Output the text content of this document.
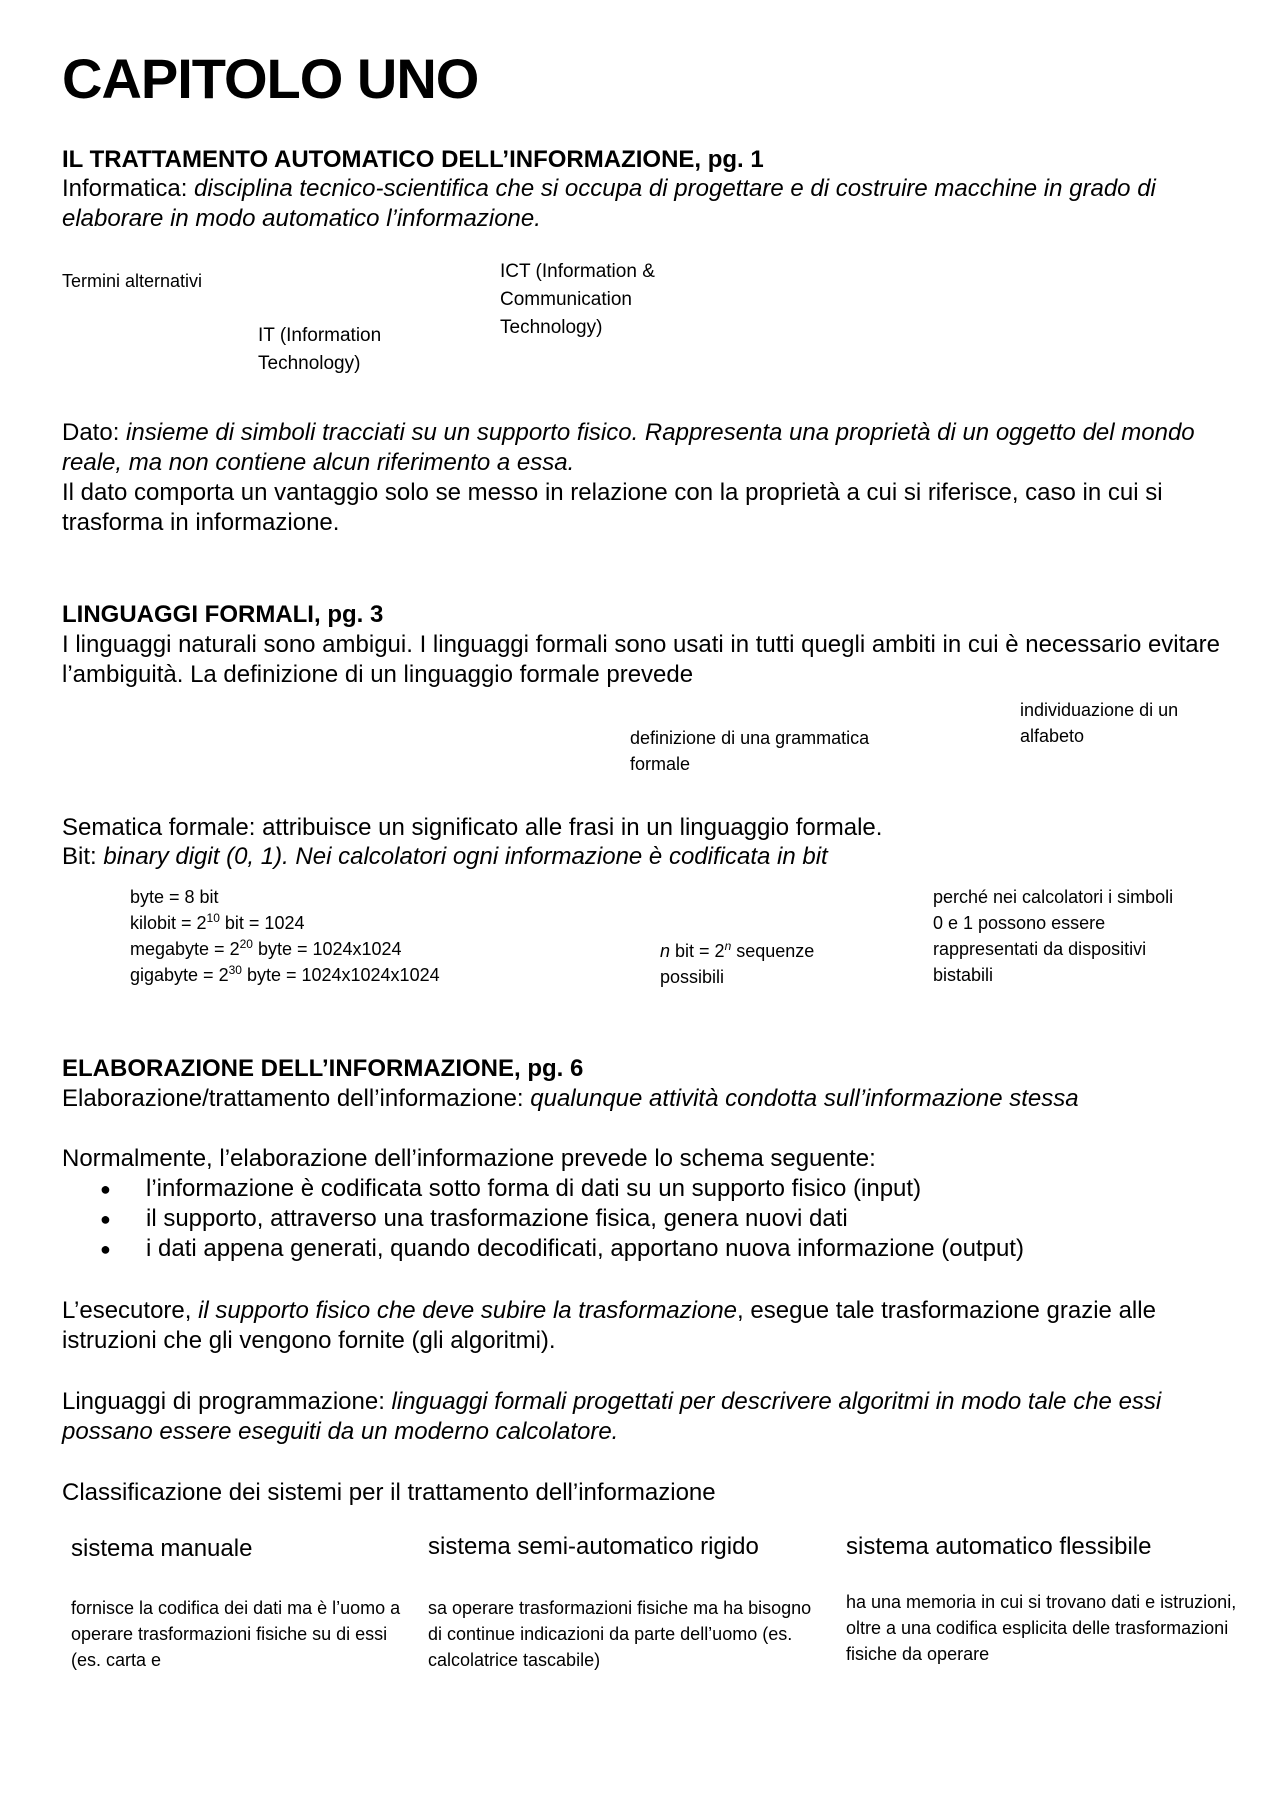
CAPITOLO UNO
IL TRATTAMENTO AUTOMATICO DELL’INFORMAZIONE, pg. 1

Informatica: disciplina tecnico-scientifica che si occupa di progettare e di costruire macchine in grado di elaborare in modo automatico l’informazione.

Termini alternativi
IT (Information Technology)
ICT (Information & Communication Technology)

Dato: insieme di simboli tracciati su un supporto fisico. Rappresenta una proprietà di un oggetto del mondo reale, ma non contiene alcun riferimento a essa.

Il dato comporta un vantaggio solo se messo in relazione con la proprietà a cui si riferisce, caso in cui si trasforma in informazione.

LINGUAGGI FORMALI, pg. 3

I linguaggi naturali sono ambigui. I linguaggi formali sono usati in tutti quegli ambiti in cui è necessario evitare l’ambiguità. La definizione di un linguaggio formale prevede

definizione di una grammatica formale
individuazione di un alfabeto

Sematica formale: attribuisce un significato alle frasi in un linguaggio formale.

Bit: binary digit (0, 1). Nei calcolatori ogni informazione è codificata in bit

byte = 8 bit
kilobit = $2^{10}$ bit = 1024
megabyte = $2^{20}$ byte = 1024x1024
gigabyte = $2^{30}$ byte = 1024x1024x1024
n bit = $2^n$ sequenze possibili
perché nei calcolatori i simboli 0 e 1 possono essere rappresentati da dispositivi bistabili
ELABORAZIONE DELL’INFORMAZIONE, pg. 6

Elaborazione/trattamento dell’informazione: qualunque attività condotta sull’informazione stessa

Normalmente, l’elaborazione dell’informazione prevede lo schema seguente:

● l’informazione è codificata sotto forma di dati su un supporto fisico (input)
● il supporto, attraverso una trasformazione fisica, genera nuovi dati
● i dati appena generati, quando decodificati, apportano nuova informazione (output)

L’esecutore, il supporto fisico che deve subire la trasformazione, esegue tale trasformazione grazie alle istruzioni che gli vengono fornite (gli algoritmi).

Linguaggi di programmazione: linguaggi formali progettati per descrivere algoritmi in modo tale che essi possano essere eseguiti da un moderno calcolatore.

Classificazione dei sistemi per il trattamento dell’informazione

sistema manuale	sistema semi-automatico rigido	sistema automatico flessibile
fornisce la codifica dei dati ma è l’uomo a operare trasformazioni fisiche su di essi (es. carta e
sa operare trasformazioni fisiche ma ha bisogno di continue indicazioni da parte dell’uomo (es. calcolatrice tascabile)
ha una memoria in cui si trovano dati e istruzioni, oltre a una codifica esplicita delle trasformazioni fisiche da operare
